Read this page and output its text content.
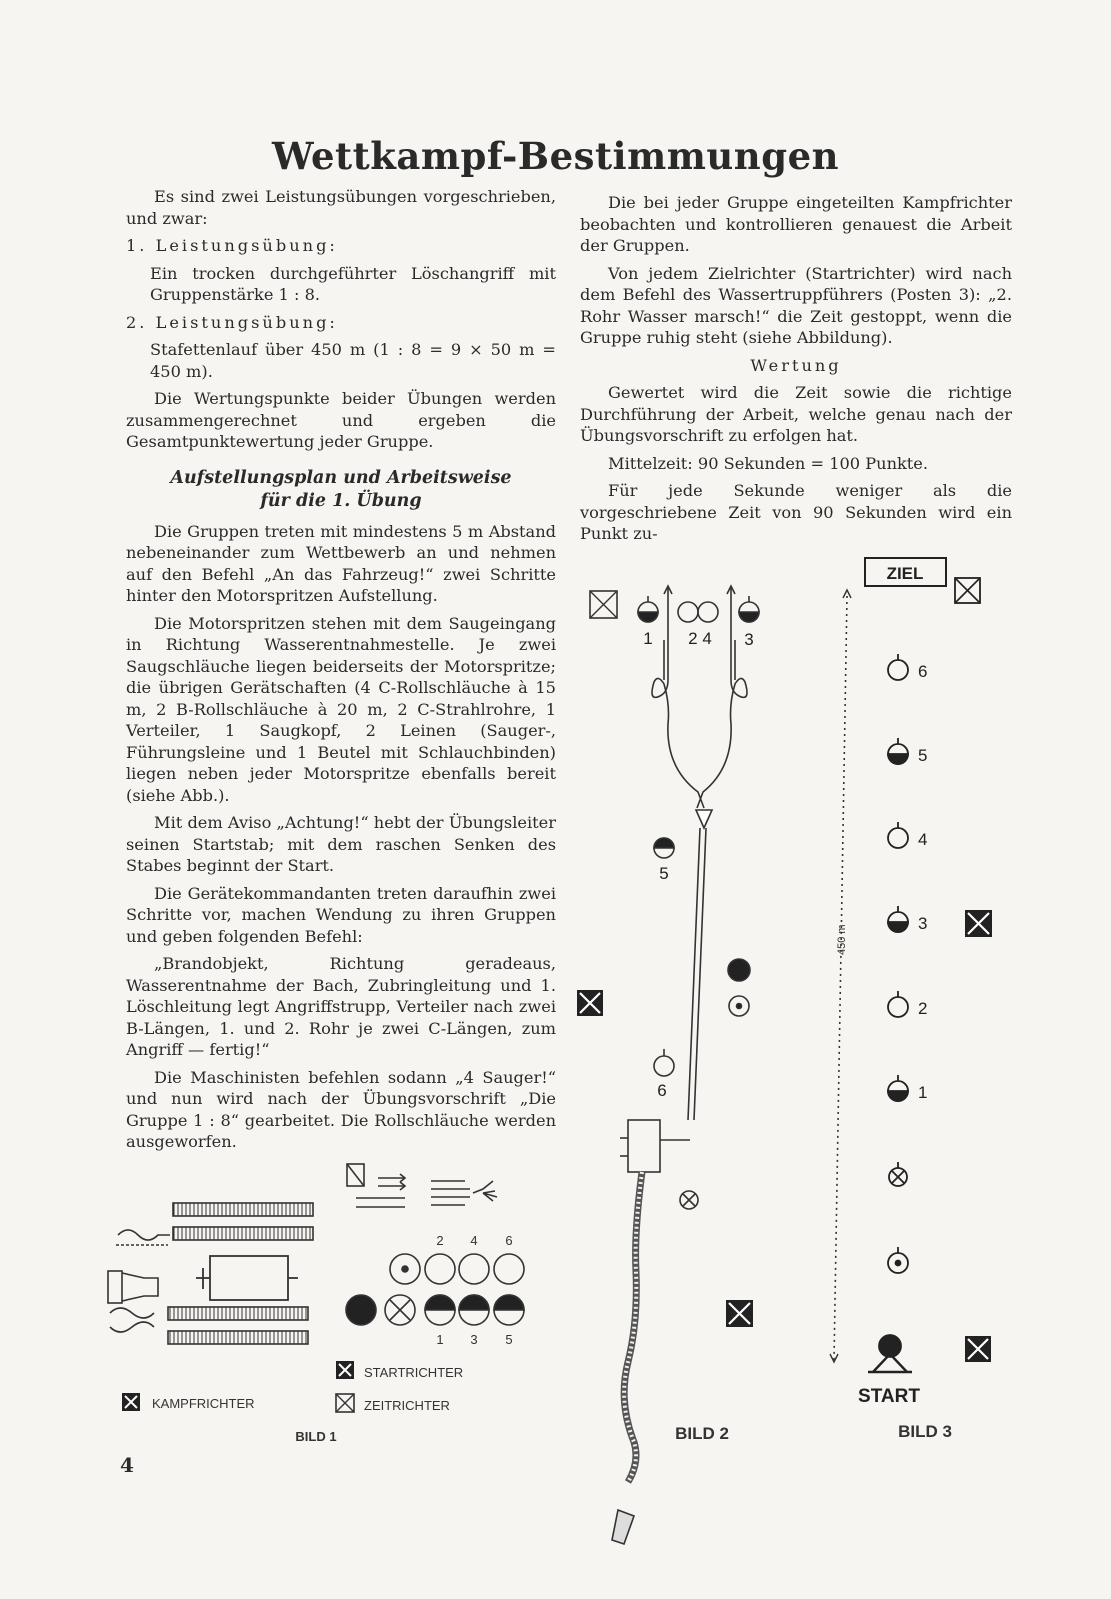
Wettkampf-Bestimmungen

Es sind zwei Leistungsübungen vorgeschrieben, und zwar:

1. Leistungsübung:

Ein trocken durchgeführter Löschangriff mit Gruppenstärke 1 : 8.

2. Leistungsübung:

Stafettenlauf über 450 m (1 : 8 = 9 × 50 m = 450 m).

Die Wertungspunkte beider Übungen werden zusammengerechnet und ergeben die Gesamtpunktewertung jeder Gruppe.

Aufstellungsplan und Arbeitsweise
für die 1. Übung

Die Gruppen treten mit mindestens 5 m Abstand nebeneinander zum Wettbewerb an und nehmen auf den Befehl „An das Fahrzeug!“ zwei Schritte hinter den Motorspritzen Aufstellung.

Die Motorspritzen stehen mit dem Saugeingang in Richtung Wasserentnahmestelle. Je zwei Saugschläuche liegen beiderseits der Motorspritze; die übrigen Gerätschaften (4 C-Rollschläuche à 15 m, 2 B-Rollschläuche à 20 m, 2 C-Strahlrohre, 1 Verteiler, 1 Saugkopf, 2 Leinen (Sauger-, Führungsleine und 1 Beutel mit Schlauchbinden) liegen neben jeder Motorspritze ebenfalls bereit (siehe Abb.).

Mit dem Aviso „Achtung!“ hebt der Übungsleiter seinen Startstab; mit dem raschen Senken des Stabes beginnt der Start.

Die Gerätekommandanten treten daraufhin zwei Schritte vor, machen Wendung zu ihren Gruppen und geben folgenden Befehl:

„Brandobjekt, Richtung geradeaus, Wasserentnahme der Bach, Zubringleitung und 1. Löschleitung legt Angriffstrupp, Verteiler nach zwei B-Längen, 1. und 2. Rohr je zwei C-Längen, zum Angriff — fertig!“

Die Maschinisten befehlen sodann „4 Sauger!“ und nun wird nach der Übungsvorschrift „Die Gruppe 1 : 8“ gearbeitet. Die Rollschläuche werden ausgeworfen.

Die bei jeder Gruppe eingeteilten Kampfrichter beobachten und kontrollieren genauest die Arbeit der Gruppen.

Von jedem Zielrichter (Startrichter) wird nach dem Befehl des Wassertruppführers (Posten 3): „2. Rohr Wasser marsch!“ die Zeit gestoppt, wenn die Gruppe ruhig steht (siehe Abbildung).

Wertung

Gewertet wird die Zeit sowie die richtige Durchführung der Arbeit, welche genau nach der Übungsvorschrift zu erfolgen hat.

Mittelzeit: 90 Sekunden = 100 Punkte.

Für jede Sekunde weniger als die vorgeschriebene Zeit von 90 Sekunden wird ein Punkt zu-

2 4 6
1 3 5
KAMPFRICHTER
STARTRICHTER
ZEITRICHTER
BILD 1
1 2 4 3
5
6
BILD 2
ZIEL
450 m
6
5
4
3
2
1
START
BILD 3
4
